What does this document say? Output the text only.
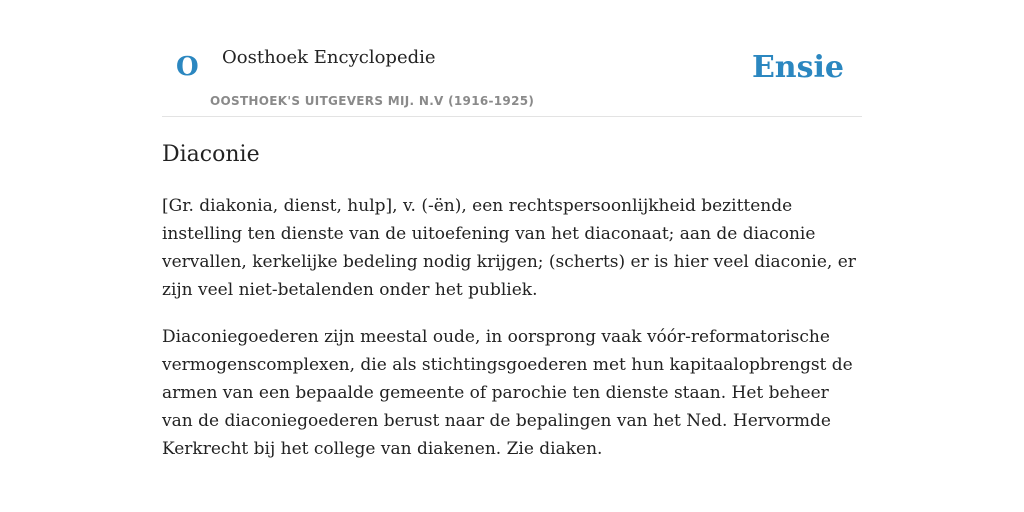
O Oosthoek Encyclopedie
OOSTHOEK'S UITGEVERS MIJ. N.V (1916-1925)
Ensie
Diaconie

[Gr. diakonia, dienst, hulp], v. (-ën), een rechtspersoonlijkheid bezittende instelling ten dienste van de uitoefening van het diaconaat; aan de diaconie vervallen, kerkelijke bedeling nodig krijgen; (scherts) er is hier veel diaconie, er zijn veel niet-betalenden onder het publiek.

Diaconiegoederen zijn meestal oude, in oorsprong vaak vóór-reformatorische vermogenscomplexen, die als stichtingsgoederen met hun kapitaalopbrengst de armen van een bepaalde gemeente of parochie ten dienste staan. Het beheer van de diaconiegoederen berust naar de bepalingen van het Ned. Hervormde Kerkrecht bij het college van diakenen. Zie diaken.
